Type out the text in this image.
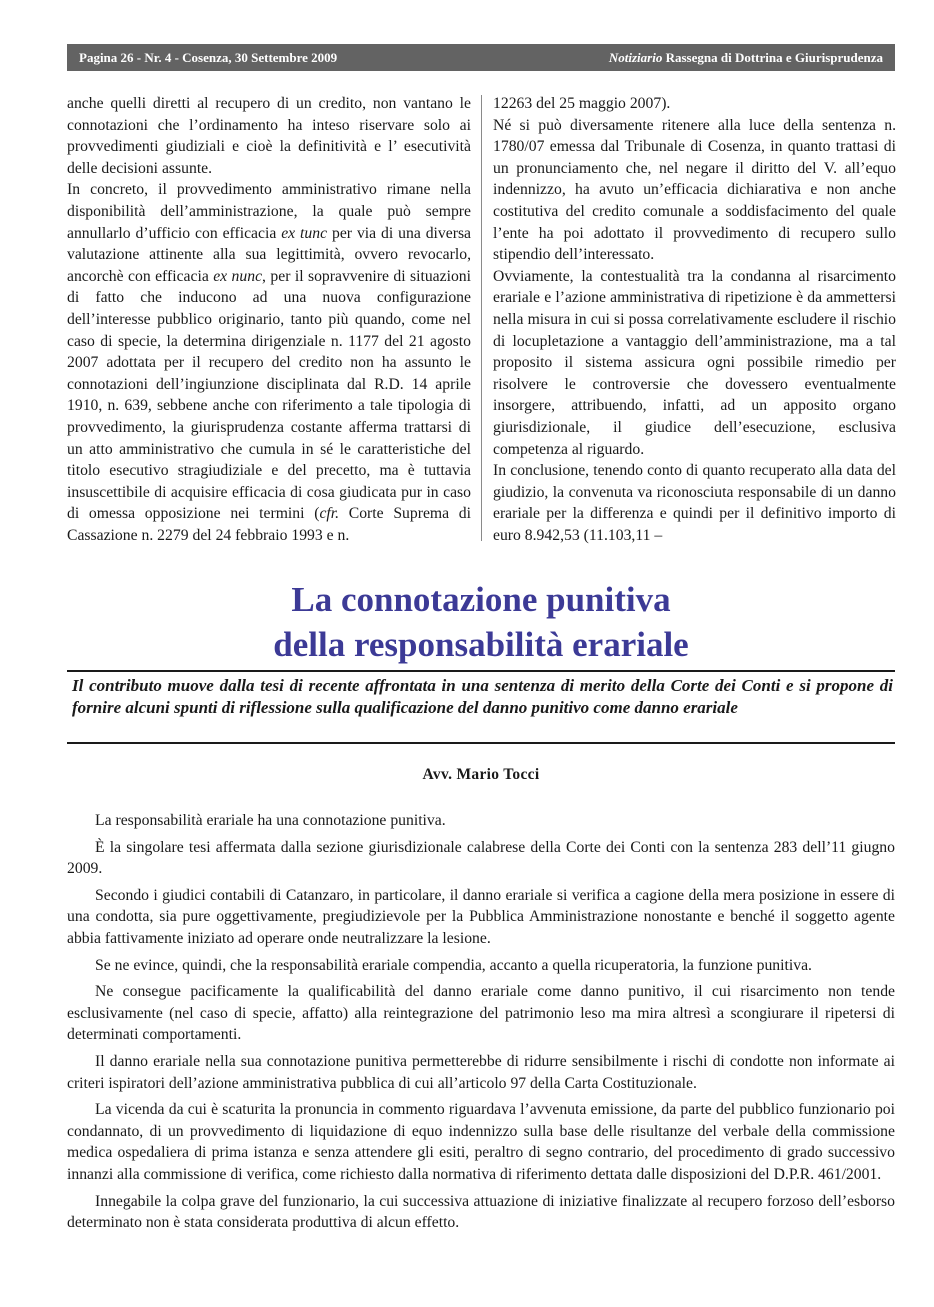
Pagina 26 - Nr. 4 - Cosenza, 30 Settembre 2009	Notiziario Rassegna di Dottrina e Giurisprudenza

anche quelli diretti al recupero di un credito, non vantano le connotazioni che l’ordinamento ha inteso riservare solo ai provvedimenti giudiziali e cioè la definitività e l’ esecutività delle decisioni assunte.

In concreto, il provvedimento amministrativo rimane nella disponibilità dell’amministrazione, la quale può sempre annullarlo d’ufficio con efficacia ex tunc per via di una diversa valutazione attinente alla sua legittimità, ovvero revocarlo, ancorchè con efficacia ex nunc, per il sopravvenire di situazioni di fatto che inducono ad una nuova configurazione dell’interesse pubblico originario, tanto più quando, come nel caso di specie, la determina dirigenziale n. 1177 del 21 agosto 2007 adottata per il recupero del credito non ha assunto le connotazioni dell’ingiunzione disciplinata dal R.D. 14 aprile 1910, n. 639, sebbene anche con riferimento a tale tipologia di provvedimento, la giurisprudenza costante afferma trattarsi di un atto amministrativo che cumula in sé le caratteristiche del titolo esecutivo stragiudiziale e del precetto, ma è tuttavia insuscettibile di acquisire efficacia di cosa giudicata pur in caso di omessa opposizione nei termini (cfr. Corte Suprema di Cassazione n. 2279 del 24 febbraio 1993 e n.

12263 del 25 maggio 2007).

Né si può diversamente ritenere alla luce della sentenza n. 1780/07 emessa dal Tribunale di Cosenza, in quanto trattasi di un pronunciamento che, nel negare il diritto del V. all’equo indennizzo, ha avuto un’efficacia dichiarativa e non anche costitutiva del credito comunale a soddisfacimento del quale l’ente ha poi adottato il provvedimento di recupero sullo stipendio dell’interessato.

Ovviamente, la contestualità tra la condanna al risarcimento erariale e l’azione amministrativa di ripetizione è da ammettersi nella misura in cui si possa correlativamente escludere il rischio di locupletazione a vantaggio dell’amministrazione, ma a tal proposito il sistema assicura ogni possibile rimedio per risolvere le controversie che dovessero eventualmente insorgere, attribuendo, infatti, ad un apposito organo giurisdizionale, il giudice dell’esecuzione, esclusiva competenza al riguardo.

In conclusione, tenendo conto di quanto recuperato alla data del giudizio, la convenuta va riconosciuta responsabile di un danno erariale per la differenza e quindi per il definitivo importo di euro 8.942,53 (11.103,11 –

La connotazione punitiva
della responsabilità erariale
Il contributo muove dalla tesi di recente affrontata in una sentenza di merito della Corte dei Conti e si propone di fornire alcuni spunti di riflessione sulla qualificazione del danno punitivo come danno erariale
Avv. Mario Tocci

La responsabilità erariale ha una connotazione punitiva.

È la singolare tesi affermata dalla sezione giurisdizionale calabrese della Corte dei Conti con la sentenza 283 dell’11 giugno 2009.

Secondo i giudici contabili di Catanzaro, in particolare, il danno erariale si verifica a cagione della mera posizione in essere di una condotta, sia pure oggettivamente, pregiudizievole per la Pubblica Amministrazione nonostante e benché il soggetto agente abbia fattivamente iniziato ad operare onde neutralizzare la lesione.

Se ne evince, quindi, che la responsabilità erariale compendia, accanto a quella ricuperatoria, la funzione punitiva.

Ne consegue pacificamente la qualificabilità del danno erariale come danno punitivo, il cui risarcimento non tende esclusivamente (nel caso di specie, affatto) alla reintegrazione del patrimonio leso ma mira altresì a scongiurare il ripetersi di determinati comportamenti.

Il danno erariale nella sua connotazione punitiva permetterebbe di ridurre sensibilmente i rischi di condotte non informate ai criteri ispiratori dell’azione amministrativa pubblica di cui all’articolo 97 della Carta Costituzionale.

La vicenda da cui è scaturita la pronuncia in commento riguardava l’avvenuta emissione, da parte del pubblico funzionario poi condannato, di un provvedimento di liquidazione di equo indennizzo sulla base delle risultanze del verbale della commissione medica ospedaliera di prima istanza e senza attendere gli esiti, peraltro di segno contrario, del procedimento di grado successivo innanzi alla commissione di verifica, come richiesto dalla normativa di riferimento dettata dalle disposizioni del D.P.R. 461/2001.

Innegabile la colpa grave del funzionario, la cui successiva attuazione di iniziative finalizzate al recupero forzoso dell’esborso determinato non è stata considerata produttiva di alcun effetto.
